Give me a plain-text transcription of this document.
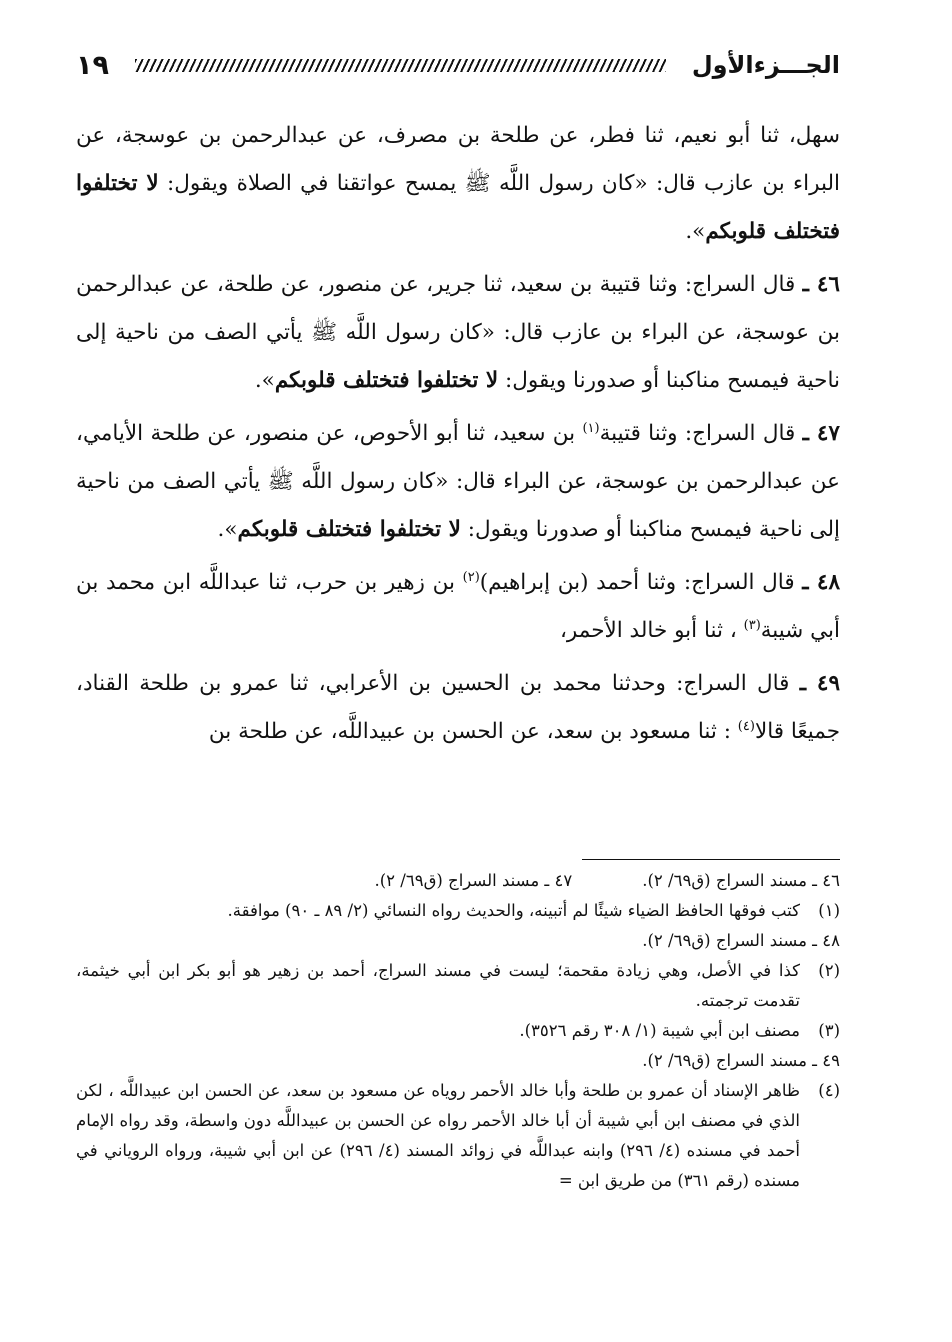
١٩	الجـــزءالأول

سهل، ثنا أبو نعيم، ثنا فطر، عن طلحة بن مصرف، عن عبدالرحمن بن عوسجة، عن البراء بن عازب قال: «كان رسول اللَّه ﷺ يمسح عواتقنا في الصلاة ويقول: لا تختلفوا فتختلف قلوبكم».

٤٦ ـ قال السراج: وثنا قتيبة بن سعيد، ثنا جرير، عن منصور، عن طلحة، عن عبدالرحمن بن عوسجة، عن البراء بن عازب قال: «كان رسول اللَّه ﷺ يأتي الصف من ناحية إلى ناحية فيمسح مناكبنا أو صدورنا ويقول: لا تختلفوا فتختلف قلوبكم».

٤٧ ـ قال السراج: وثنا قتيبة$^{(١)}$ بن سعيد، ثنا أبو الأحوص، عن منصور، عن طلحة الأيامي، عن عبدالرحمن بن عوسجة، عن البراء قال: «كان رسول اللَّه ﷺ يأتي الصف من ناحية إلى ناحية فيمسح مناكبنا أو صدورنا ويقول: لا تختلفوا فتختلف قلوبكم».

٤٨ ـ قال السراج: وثنا أحمد (بن إبراهيم)$^{(٢)}$ بن زهير بن حرب، ثنا عبداللَّه ابن محمد بن أبي شيبة$^{(٣)}$ ، ثنا أبو خالد الأحمر،

٤٩ ـ قال السراج: وحدثنا محمد بن الحسين بن الأعرابي، ثنا عمرو بن طلحة القناد، جميعًا قالا$^{(٤)}$ : ثنا مسعود بن سعد، عن الحسن بن عبيداللَّه، عن طلحة بن

٤٦ ـ مسند السراج (ق٦٩/ ٢).
٤٧ ـ مسند السراج (ق٦٩/ ٢).
(١)
كتب فوقها الحافظ الضياء شيئًا لم أتبينه، والحديث رواه النسائي (٢/ ٨٩ ـ ٩٠) موافقة.
٤٨ ـ مسند السراج (ق٦٩/ ٢).
(٢)
كذا في الأصل، وهي زيادة مقحمة؛ ليست في مسند السراج، أحمد بن زهير هو أبو بكر ابن أبي خيثمة، تقدمت ترجمته.
(٣)
مصنف ابن أبي شيبة (١/ ٣٠٨ رقم ٣٥٢٦).
٤٩ ـ مسند السراج (ق٦٩/ ٢).
(٤)
ظاهر الإسناد أن عمرو بن طلحة وأبا خالد الأحمر روياه عن مسعود بن سعد، عن الحسن ابن عبيداللَّه ، لكن الذي في مصنف ابن أبي شيبة أن أبا خالد الأحمر رواه عن الحسن بن عبيداللَّه دون واسطة، وقد رواه الإمام أحمد في مسنده (٤/ ٢٩٦) وابنه عبداللَّه في زوائد المسند (٤/ ٢٩٦) عن ابن أبي شيبة، ورواه الروياني في مسنده (رقم ٣٦١) من طريق ابن =
